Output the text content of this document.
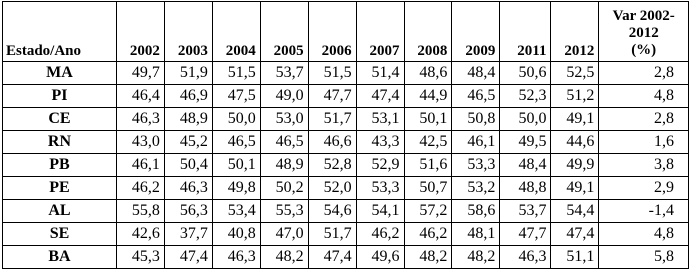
Estado/Ano	2002	2003	2004	2005	2006	2007	2008	2009	2011	2012	Var 2002-
2012
(%)
MA	49,7	51,9	51,5	53,7	51,5	51,4	48,6	48,4	50,6	52,5	2,8
PI	46,4	46,9	47,5	49,0	47,7	47,4	44,9	46,5	52,3	51,2	4,8
CE	46,3	48,9	50,0	53,0	51,7	53,1	50,1	50,8	50,0	49,1	2,8
RN	43,0	45,2	46,5	46,5	46,6	43,3	42,5	46,1	49,5	44,6	1,6
PB	46,1	50,4	50,1	48,9	52,8	52,9	51,6	53,3	48,4	49,9	3,8
PE	46,2	46,3	49,8	50,2	52,0	53,3	50,7	53,2	48,8	49,1	2,9
AL	55,8	56,3	53,4	55,3	54,6	54,1	57,2	58,6	53,7	54,4	-1,4
SE	42,6	37,7	40,8	47,0	51,7	46,2	46,2	48,1	47,7	47,4	4,8
BA	45,3	47,4	46,3	48,2	47,4	49,6	48,2	48,2	46,3	51,1	5,8
